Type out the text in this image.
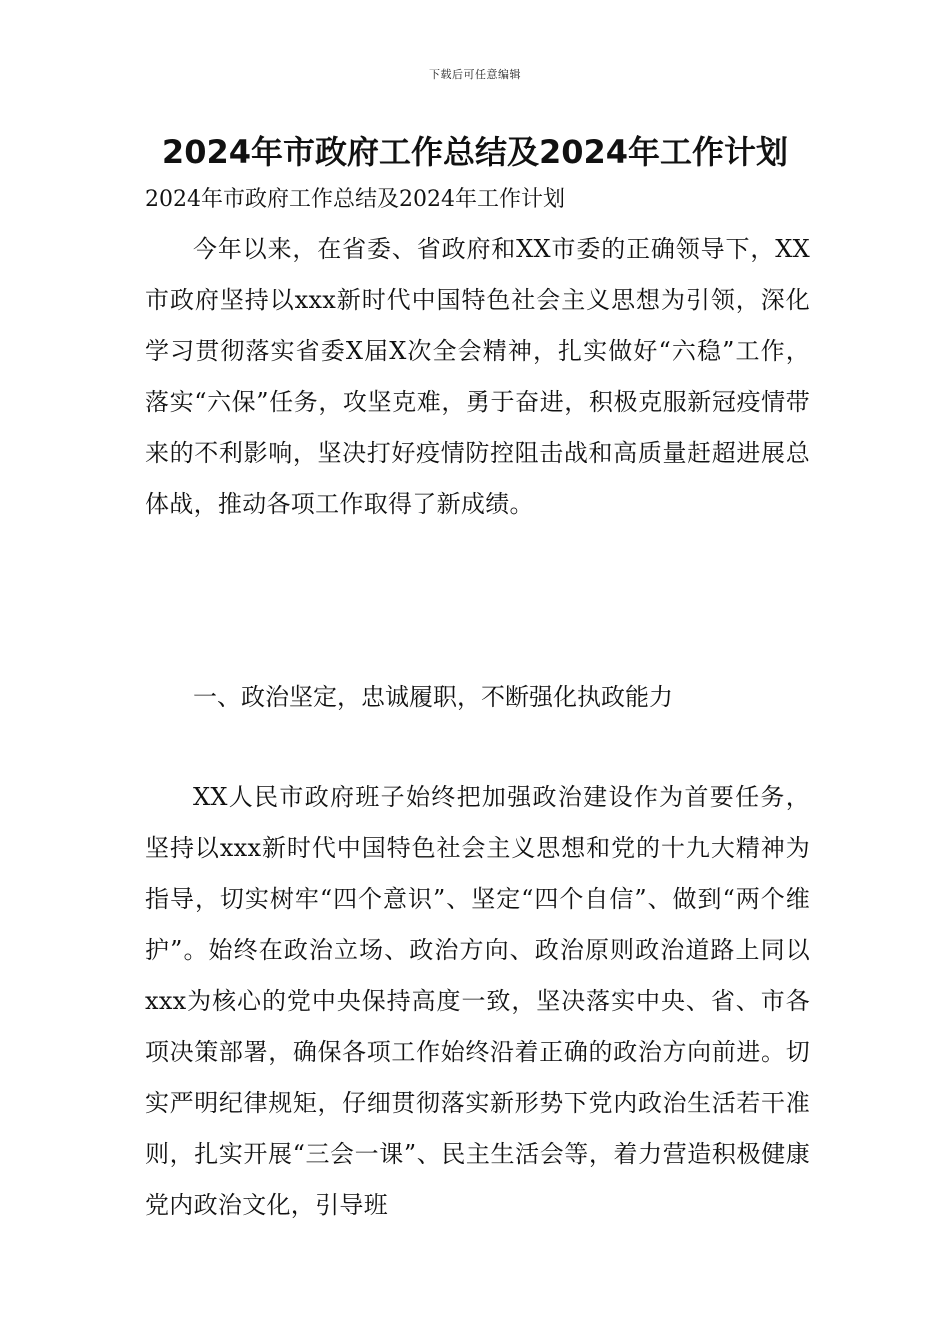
下载后可任意编辑
2024年市政府工作总结及2024年工作计划

2024年市政府工作总结及2024年工作计划

今年以来，在省委、省政府和XX市委的正确领导下，XX市政府坚持以xxx新时代中国特色社会主义思想为引领，深化学习贯彻落实省委X届X次全会精神，扎实做好“六稳”工作，落实“六保”任务，攻坚克难，勇于奋进，积极克服新冠疫情带来的不利影响，坚决打好疫情防控阻击战和高质量赶超进展总体战，推动各项工作取得了新成绩。

一、政治坚定，忠诚履职，不断强化执政能力

XX人民市政府班子始终把加强政治建设作为首要任务，坚持以xxx新时代中国特色社会主义思想和党的十九大精神为指导，切实树牢“四个意识”、坚定“四个自信”、做到“两个维护”。始终在政治立场、政治方向、政治原则政治道路上同以xxx为核心的党中央保持高度一致，坚决落实中央、省、市各项决策部署，确保各项工作始终沿着正确的政治方向前进。切实严明纪律规矩，仔细贯彻落实新形势下党内政治生活若干准则，扎实开展“三会一课”、民主生活会等，着力营造积极健康党内政治文化，引导班
